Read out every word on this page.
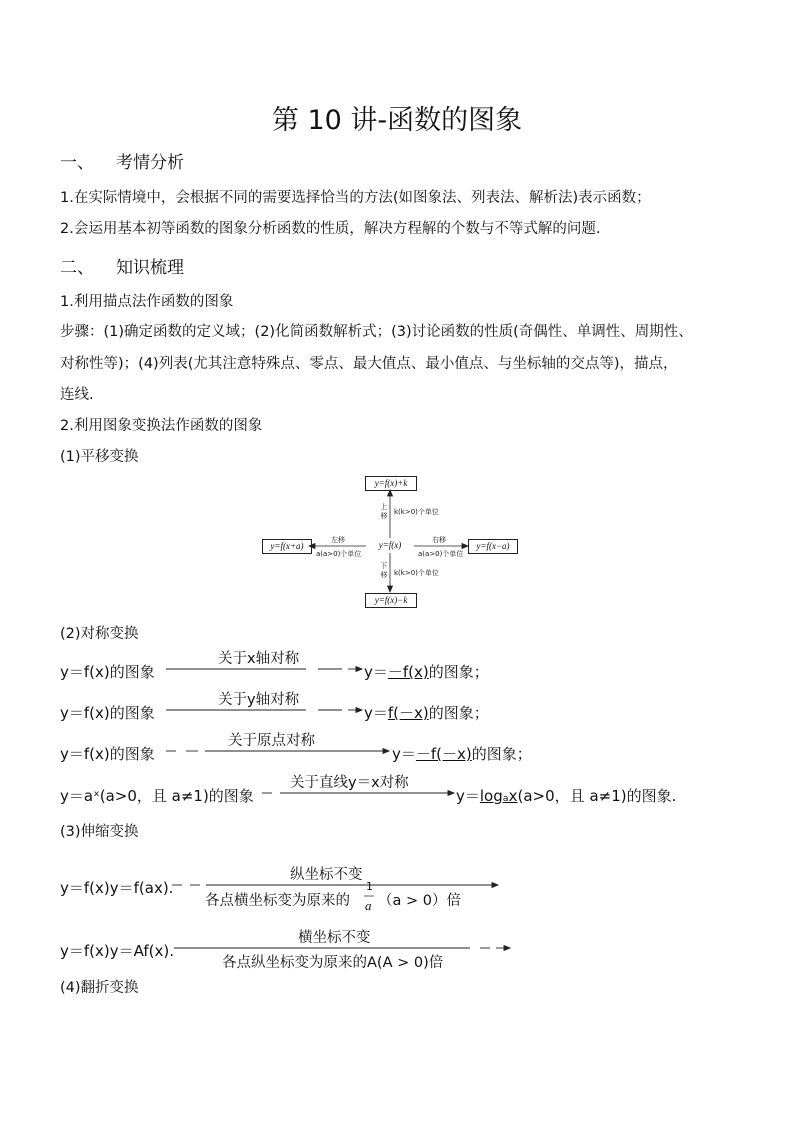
第 10 讲-函数的图象
一、 考情分析
1.在实际情境中，会根据不同的需要选择恰当的方法(如图象法、列表法、解析法)表示函数；
2.会运用基本初等函数的图象分析函数的性质，解决方程解的个数与不等式解的问题.
二、 知识梳理
1.利用描点法作函数的图象
步骤：(1)确定函数的定义域；(2)化简函数解析式；(3)讨论函数的性质(奇偶性、单调性、周期性、
对称性等)；(4)列表(尤其注意特殊点、零点、最大值点、最小值点、与坐标轴的交点等)，描点，
连线.
2.利用图象变换法作函数的图象
(1)平移变换
y=f(x)+k
y=f(x+a)	y=f(x)	y=f(x−a)
y=f(x)−k
上移 k(k>0)个单位
下移 k(k>0)个单位
左移
a(a>0)个单位
右移
a(a>0)个单位
(2)对称变换
y＝f(x)的图象
关于x轴对称
y＝－f(x)的图象；
y＝f(x)的图象
关于y轴对称
y＝f(－x)的图象；
y＝f(x)的图象
关于原点对称
y＝－f(－x)的图象；
y＝aˣ(a>0，且 a≠1)的图象
关于直线y＝x对称
y＝logₐx(a>0，且 a≠1)的图象.
(3)伸缩变换
y＝f(x)y＝f(ax).
纵坐标不变
各点横坐标变为原来的
1
a （a > 0）倍
y＝f(x)y＝Af(x).
横坐标不变
各点纵坐标变为原来的A(A > 0)倍
(4)翻折变换
